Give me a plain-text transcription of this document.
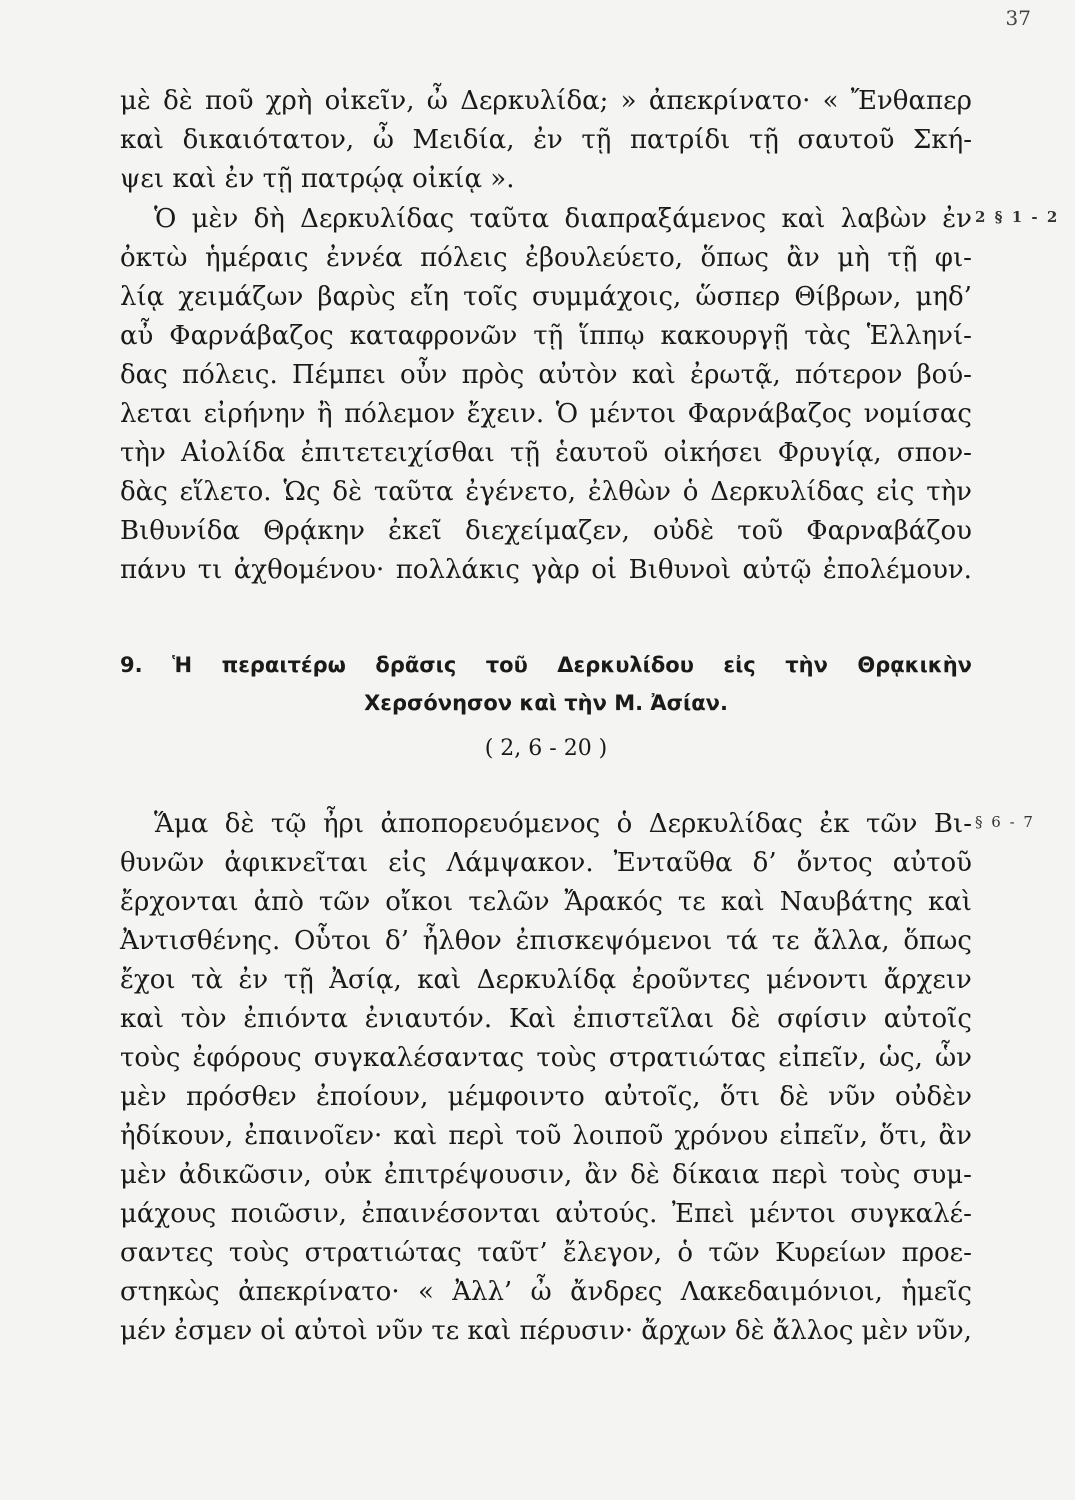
37
μὲ δὲ ποῦ χρὴ οἰκεῖν, ὦ Δερκυλίδα; » ἀπεκρίνατο· « Ἔνθαπερ
καὶ δικαιότατον, ὦ Μειδία, ἐν τῇ πατρίδι τῇ σαυτοῦ Σκή-
ψει καὶ ἐν τῇ πατρῴᾳ οἰκίᾳ ».
Ὁ μὲν δὴ Δερκυλίδας ταῦτα διαπραξάμενος καὶ λαβὼν ἐν
ὀκτὼ ἡμέραις ἐννέα πόλεις ἐβουλεύετο, ὅπως ἂν μὴ τῇ φι-
λίᾳ χειμάζων βαρὺς εἴη τοῖς συμμάχοις, ὥσπερ Θίβρων, μηδ’
αὖ Φαρνάβαζος καταφρονῶν τῇ ἵππῳ κακουργῇ τὰς Ἑλληνί-
δας πόλεις. Πέμπει οὖν πρὸς αὐτὸν καὶ ἐρωτᾷ, πότερον βού-
λεται εἰρήνην ἢ πόλεμον ἔχειν. Ὁ μέντοι Φαρνάβαζος νομίσας
τὴν Αἰολίδα ἐπιτετειχίσθαι τῇ ἑαυτοῦ οἰκήσει Φρυγίᾳ, σπον-
δὰς εἵλετο. Ὡς δὲ ταῦτα ἐγένετο, ἐλθὼν ὁ Δερκυλίδας εἰς τὴν
Βιθυνίδα Θρᾴκην ἐκεῖ διεχείμαζεν, οὐδὲ τοῦ Φαρναβάζου
πάνυ τι ἀχθομένου· πολλάκις γὰρ οἱ Βιθυνοὶ αὐτῷ ἐπολέμουν.
2 § 1 - 2
9. Ἡ περαιτέρω δρᾶσις τοῦ Δερκυλίδου εἰς τὴν Θρᾳκικὴν
Χερσόνησον καὶ τὴν Μ. Ἀσίαν.
( 2, 6 - 20 )
Ἅμα δὲ τῷ ἦρι ἀποπορευόμενος ὁ Δερκυλίδας ἐκ τῶν Βι-
θυνῶν ἀφικνεῖται εἰς Λάμψακον. Ἐνταῦθα δ’ ὄντος αὐτοῦ
ἔρχονται ἀπὸ τῶν οἴκοι τελῶν Ἄρακός τε καὶ Ναυβάτης καὶ
Ἀντισθένης. Οὗτοι δ’ ἦλθον ἐπισκεψόμενοι τά τε ἄλλα, ὅπως
ἔχοι τὰ ἐν τῇ Ἀσίᾳ, καὶ Δερκυλίδᾳ ἐροῦντες μένοντι ἄρχειν
καὶ τὸν ἐπιόντα ἐνιαυτόν. Καὶ ἐπιστεῖλαι δὲ σφίσιν αὐτοῖς
τοὺς ἐφόρους συγκαλέσαντας τοὺς στρατιώτας εἰπεῖν, ὡς, ὧν
μὲν πρόσθεν ἐποίουν, μέμφοιντο αὐτοῖς, ὅτι δὲ νῦν οὐδὲν
ἠδίκουν, ἐπαινοῖεν· καὶ περὶ τοῦ λοιποῦ χρόνου εἰπεῖν, ὅτι, ἂν
μὲν ἀδικῶσιν, οὐκ ἐπιτρέψουσιν, ἂν δὲ δίκαια περὶ τοὺς συμ-
μάχους ποιῶσιν, ἐπαινέσονται αὐτούς. Ἐπεὶ μέντοι συγκαλέ-
σαντες τοὺς στρατιώτας ταῦτ’ ἔλεγον, ὁ τῶν Κυρείων προε-
στηκὼς ἀπεκρίνατο· « Ἀλλ’ ὦ ἄνδρες Λακεδαιμόνιοι, ἡμεῖς
μέν ἐσμεν οἱ αὐτοὶ νῦν τε καὶ πέρυσιν· ἄρχων δὲ ἄλλος μὲν νῦν,
§ 6 - 7
